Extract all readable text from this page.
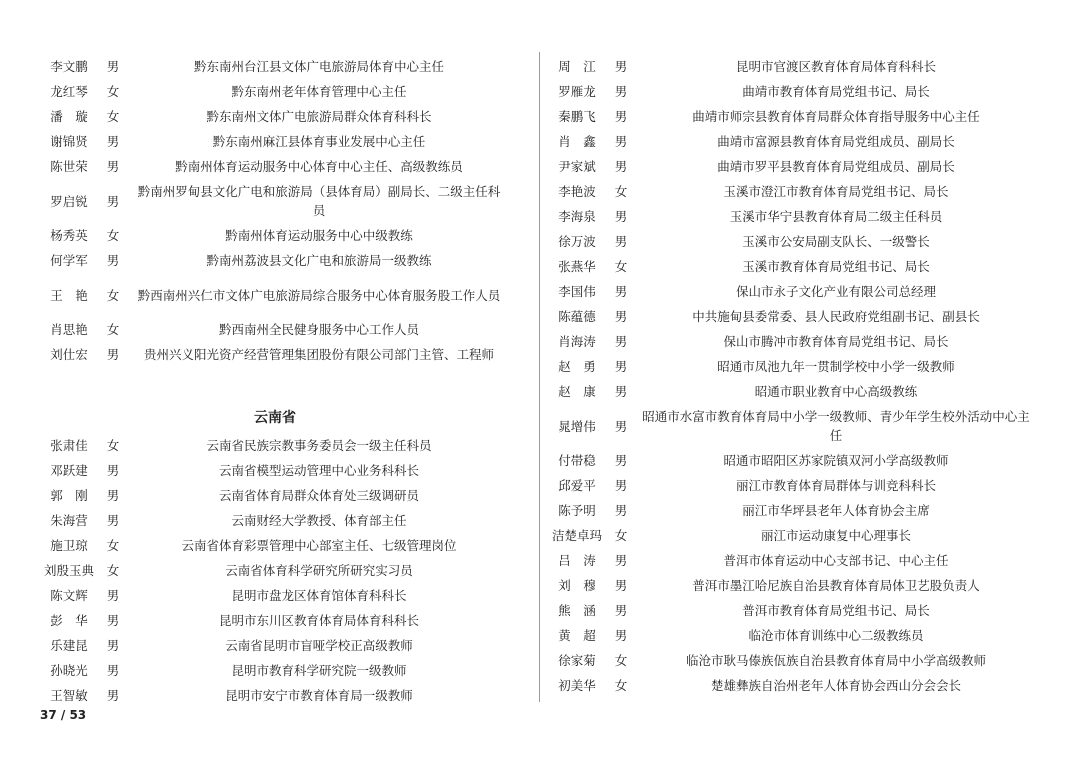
李文鹏	男	黔东南州台江县文体广电旅游局体育中心主任
龙红琴	女	黔东南州老年体育管理中心主任
潘　璇	女	黔东南州文体广电旅游局群众体育科科长
谢锦贤	男	黔东南州麻江县体育事业发展中心主任
陈世荣	男	黔南州体育运动服务中心体育中心主任、高级教练员
罗启锐	男	黔南州罗甸县文化广电和旅游局（县体育局）副局长、二级主任科员
杨秀英	女	黔南州体育运动服务中心中级教练
何学军	男	黔南州荔波县文化广电和旅游局一级教练
王　艳	女	黔西南州兴仁市文体广电旅游局综合服务中心体育服务股工作人员
肖思艳	女	黔西南州全民健身服务中心工作人员
刘仕宏	男	贵州兴义阳光资产经营管理集团股份有限公司部门主管、工程师
云南省
张肃佳	女	云南省民族宗教事务委员会一级主任科员
邓跃建	男	云南省模型运动管理中心业务科科长
郭　刚	男	云南省体育局群众体育处三级调研员
朱海营	男	云南财经大学教授、体育部主任
施卫琼	女	云南省体育彩票管理中心部室主任、七级管理岗位
刘殷玉典	女	云南省体育科学研究所研究实习员
陈文辉	男	昆明市盘龙区体育馆体育科科长
彭　华	男	昆明市东川区教育体育局体育科科长
乐建昆	男	云南省昆明市盲哑学校正高级教师
孙晓光	男	昆明市教育科学研究院一级教师
王智敏	男	昆明市安宁市教育体育局一级教师
周　江	男	昆明市官渡区教育体育局体育科科长
罗雁龙	男	曲靖市教育体育局党组书记、局长
秦鹏飞	男	曲靖市师宗县教育体育局群众体育指导服务中心主任
肖　鑫	男	曲靖市富源县教育体育局党组成员、副局长
尹家斌	男	曲靖市罗平县教育体育局党组成员、副局长
李艳波	女	玉溪市澄江市教育体育局党组书记、局长
李海泉	男	玉溪市华宁县教育体育局二级主任科员
徐万波	男	玉溪市公安局副支队长、一级警长
张燕华	女	玉溪市教育体育局党组书记、局长
李国伟	男	保山市永子文化产业有限公司总经理
陈蕴德	男	中共施甸县委常委、县人民政府党组副书记、副县长
肖海涛	男	保山市腾冲市教育体育局党组书记、局长
赵　勇	男	昭通市凤池九年一贯制学校中小学一级教师
赵　康	男	昭通市职业教育中心高级教练
晁增伟	男	昭通市水富市教育体育局中小学一级教师、青少年学生校外活动中心主任
付帯稳	男	昭通市昭阳区苏家院镇双河小学高级教师
邱爱平	男	丽江市教育体育局群体与训竞科科长
陈予明	男	丽江市华坪县老年人体育协会主席
洁楚卓玛	女	丽江市运动康复中心理事长
吕　涛	男	普洱市体育运动中心支部书记、中心主任
刘　穆	男	普洱市墨江哈尼族自治县教育体育局体卫艺股负责人
熊　涵	男	普洱市教育体育局党组书记、局长
黄　超	男	临沧市体育训练中心二级教练员
徐家菊	女	临沧市耿马傣族佤族自治县教育体育局中小学高级教师
初美华	女	楚雄彝族自治州老年人体育协会西山分会会长
37 / 53
